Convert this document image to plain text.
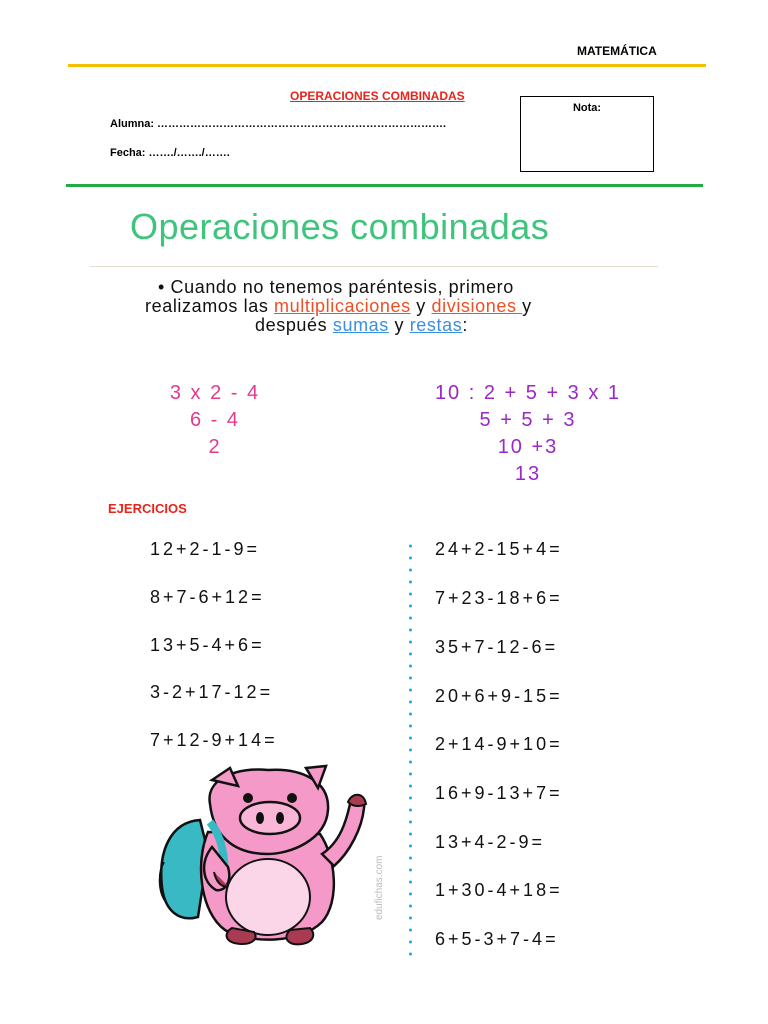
MATEMÁTICA
OPERACIONES COMBINADAS
Alumna: …………………………………………………………………….
Fecha: ……./……./…….
Nota:
Operaciones combinadas
• Cuando no tenemos paréntesis, primero
realizamos las multiplicaciones y divisiones y
después sumas y restas:
3 x 2 - 4
6 - 4
2
10 : 2 + 5 + 3 x 1
5 + 5 + 3
10 +3
13
EJERCICIOS
12+2-1-9=
8+7-6+12=
13+5-4+6=
3-2+17-12=
7+12-9+14=
24+2-15+4=
7+23-18+6=
35+7-12-6=
20+6+9-15=
2+14-9+10=
16+9-13+7=
13+4-2-9=
1+30-4+18=
6+5-3+7-4=
edufichas.com
